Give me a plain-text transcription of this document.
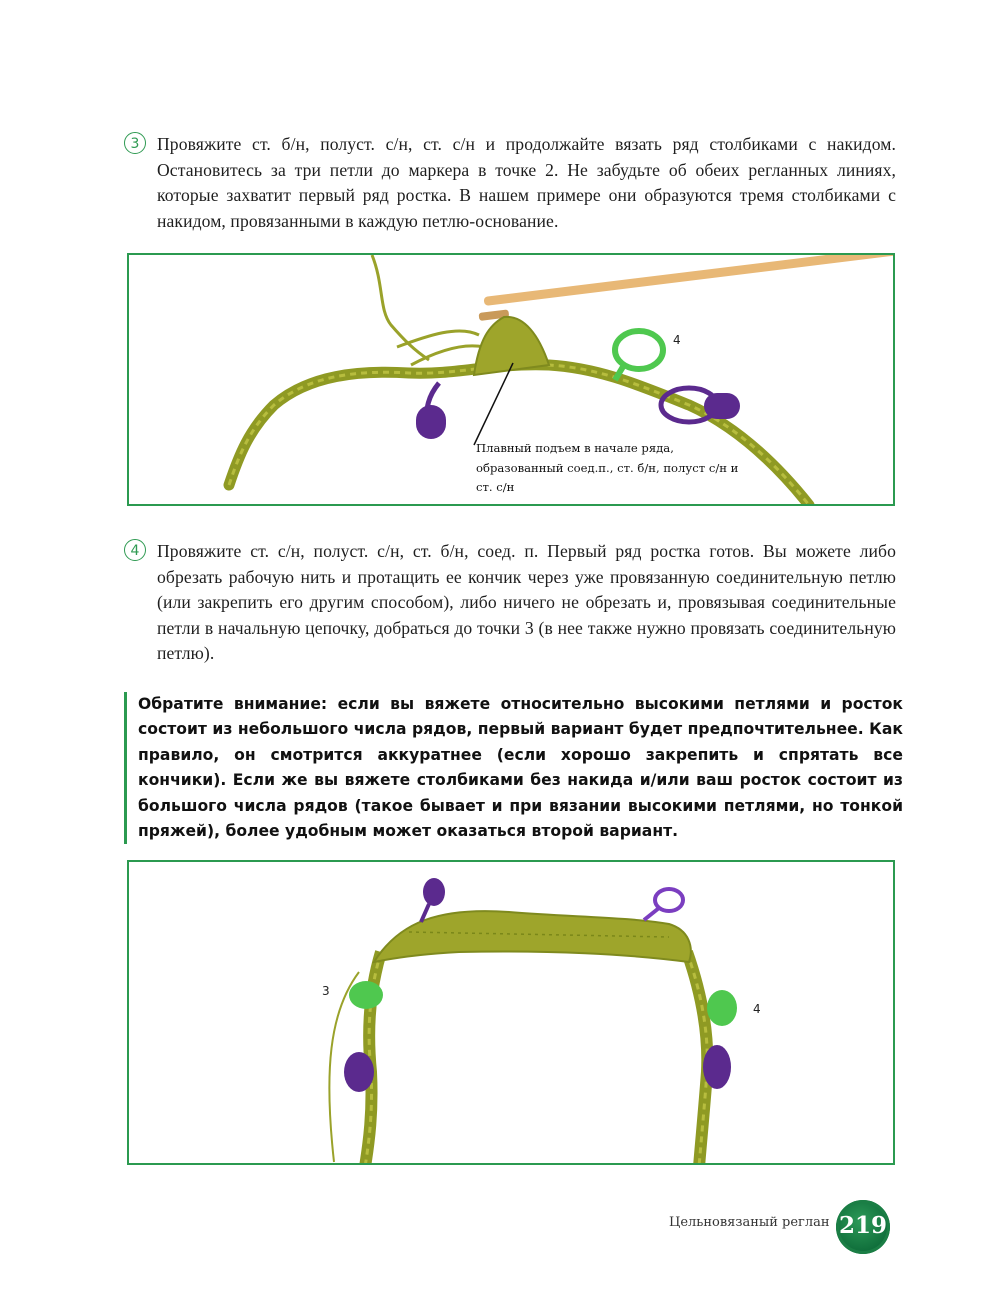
3 Провяжите ст. б/н, полуст. с/н, ст. с/н и продолжайте вязать ряд столбиками с накидом. Остановитесь за три петли до маркера в точке 2. Не забудьте об обеих регланных линиях, которые захватит первый ряд ростка. В нашем примере они образуются тремя столбиками с накидом, провязанными в каждую петлю-основание.
4
Плавный подъем в начале ряда, образованный соед.п., ст. б/н, полуст с/н и ст. с/н
4 Провяжите ст. с/н, полуст. с/н, ст. б/н, соед. п. Первый ряд ростка готов. Вы можете либо обрезать рабочую нить и протащить ее кончик через уже провязанную соединительную петлю (или закрепить его другим способом), либо ничего не обрезать и, провязывая соединительные петли в начальную цепочку, добраться до точки 3 (в нее также нужно провязать соединительную петлю).
Обратите внимание: если вы вяжете относительно высокими петлями и росток состоит из небольшого числа рядов, первый вариант будет предпочтительнее. Как правило, он смотрится аккуратнее (если хорошо закрепить и спрятать все кончики). Если же вы вяжете столбиками без накида и/или ваш росток состоит из большого числа рядов (такое бывает и при вязании высокими петлями, но тонкой пряжей), более удобным может оказаться второй вариант.
3
4
Цельновязаный реглан 219
